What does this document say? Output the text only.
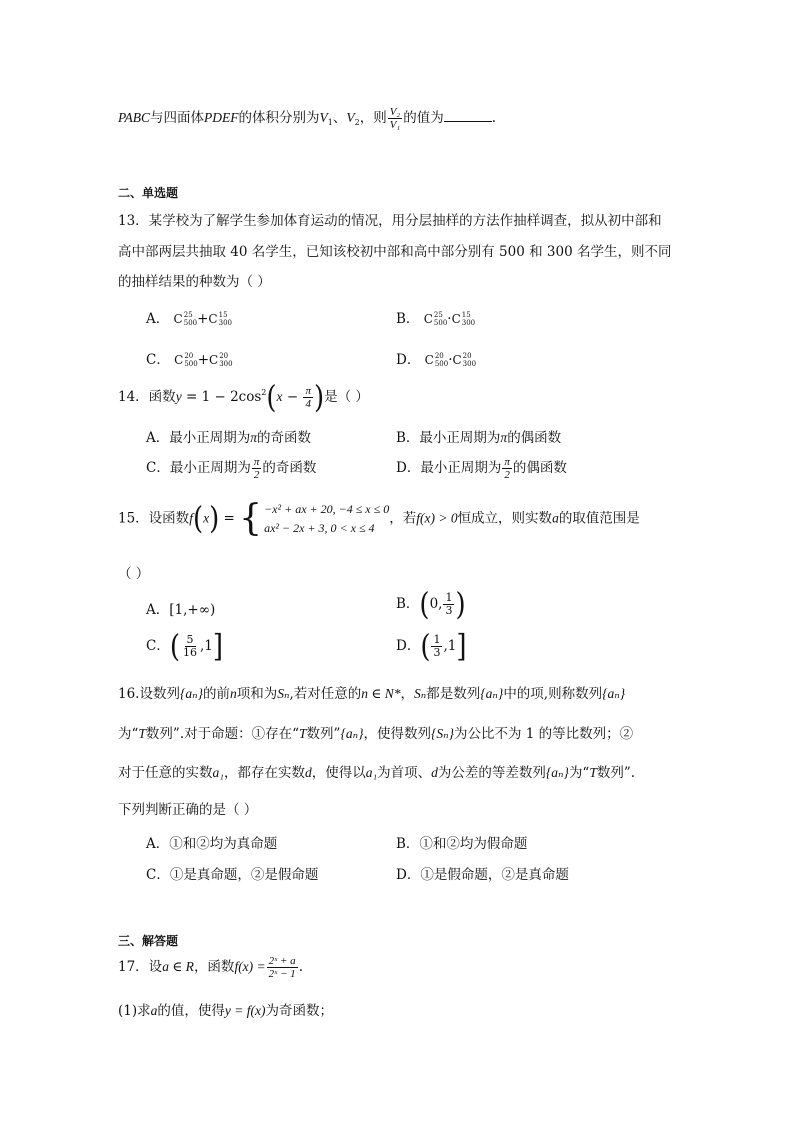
PABC与四面体PDEF的体积分别为$V_1$、$V_2$，则 $\frac{\text{V₂}}{\text{V₁}}$ 的值为	.
二、单选题
13．某学校为了解学生参加体育运动的情况，用分层抽样的方法作抽样调查，拟从初中部和
高中部两层共抽取 40 名学生，已知该校初中部和高中部分别有 500 和 300 名学生，则不同
的抽样结果的种数为（ ）
A． C 25
500 + C 15
300	B． C 25
500 · C 15
300
C． C 20
500 + C 20
300	D． C 20
500 · C 20
300
14．函数$y = 1 - 2\cos^2(x - \frac{\pi}{4}$ )是（ ）
A．最小正周期为π的奇函数	B．最小正周期为π的偶函数
C．最小正周期为 $\frac{\pi}{2}$ 的奇函数	D．最小正周期为 $\frac{\pi}{2}$ 的偶函数
15．设函数f(x) = { −x² + ax + 20, −4 ≤ x ≤ 0
ax² − 2x + 3, 0 < x ≤ 4
，若f(x) > 0恒成立，则实数a的取值范围是
（ ）
A．[1,+∞)	B．(0, $\frac{1}{3}$ )
C．( $\frac{5}{16} ,1$]	D．( $\frac{1}{3} ,1$]
16.设数列{aₙ}的前n项和为Sₙ,若对任意的n ∈ N*，Sₙ都是数列{aₙ}中的项,则称数列{aₙ}
为“T数列”.对于命题：①存在“T数列”{aₙ}，使得数列{Sₙ}为公比不为 1 的等比数列；②
对于任意的实数a₁，都存在实数d，使得以a₁为首项、d为公差的等差数列{aₙ}为“T数列”.
下列判断正确的是（ ）
A．①和②均为真命题	B．①和②均为假命题
C．①是真命题，②是假命题	D．①是假命题，②是真命题
三、解答题
17．设a ∈ R，函数$f(x) = \frac{\text{2ˣ + a}}{\text{2ˣ − 1}}$ .
(1)求a的值，使得y = f(x)为奇函数；
